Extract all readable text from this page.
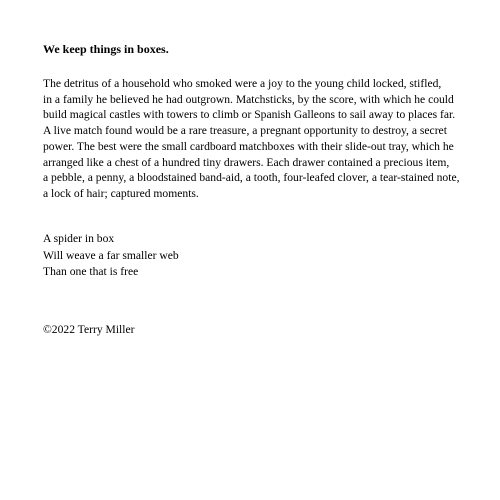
We keep things in boxes.
The detritus of a household who smoked were a joy to the young child locked, stifled,
in a family he believed he had outgrown. Matchsticks, by the score, with which he could
build magical castles with towers to climb or Spanish Galleons to sail away to places far.
A live match found would be a rare treasure, a pregnant opportunity to destroy, a secret
power. The best were the small cardboard matchboxes with their slide-out tray, which he
arranged like a chest of a hundred tiny drawers. Each drawer contained a precious item,
a pebble, a penny, a bloodstained band-aid, a tooth, four-leafed clover, a tear-stained note,
a lock of hair; captured moments.
A spider in box
Will weave a far smaller web
Than one that is free
©2022 Terry Miller
